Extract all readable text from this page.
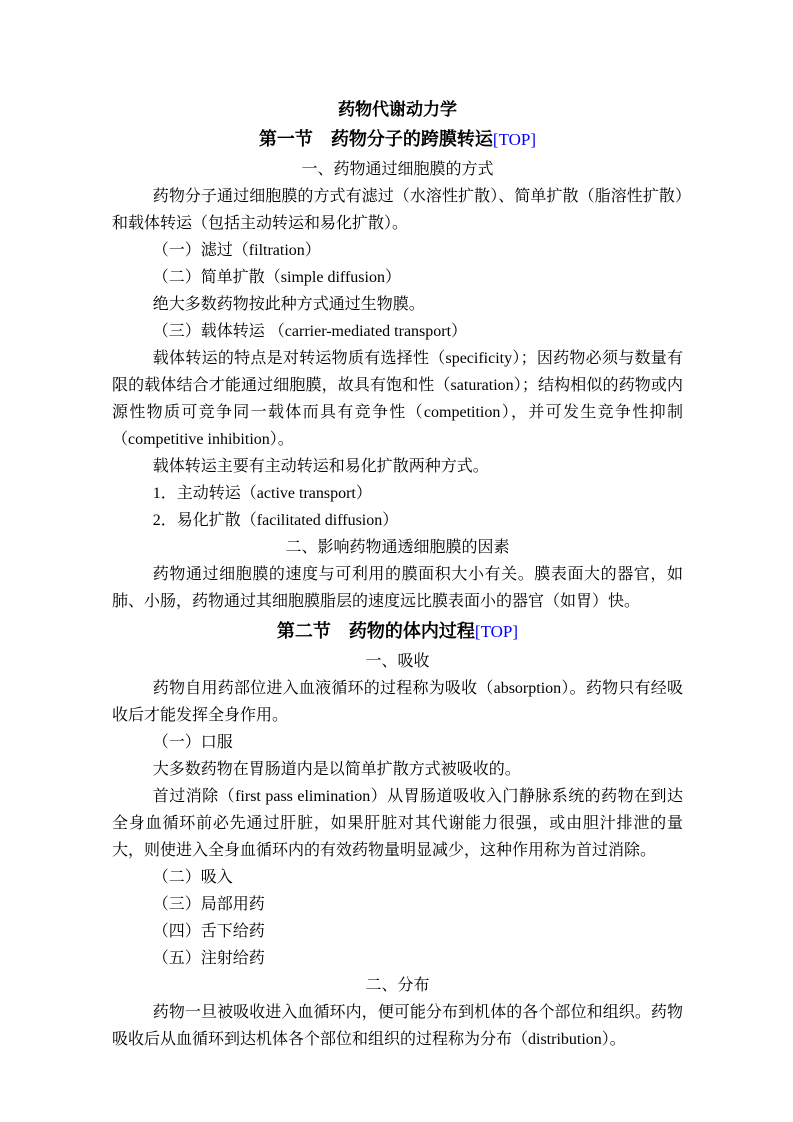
药物代谢动力学
第一节　药物分子的跨膜转运[TOP]
一、药物通过细胞膜的方式

药物分子通过细胞膜的方式有滤过（水溶性扩散）、简单扩散（脂溶性扩散）和载体转运（包括主动转运和易化扩散）。

（一）滤过（filtration）

（二）简单扩散（simple diffusion）

绝大多数药物按此种方式通过生物膜。

（三）载体转运 （carrier-mediated transport）

载体转运的特点是对转运物质有选择性（specificity）；因药物必须与数量有限的载体结合才能通过细胞膜，故具有饱和性（saturation）；结构相似的药物或内源性物质可竞争同一载体而具有竞争性（competition），并可发生竞争性抑制（competitive inhibition）。

载体转运主要有主动转运和易化扩散两种方式。

1．主动转运（active transport）

2．易化扩散（facilitated diffusion）

二、影响药物通透细胞膜的因素

药物通过细胞膜的速度与可利用的膜面积大小有关。膜表面大的器官，如肺、小肠，药物通过其细胞膜脂层的速度远比膜表面小的器官（如胃）快。

第二节　药物的体内过程[TOP]
一、吸收

药物自用药部位进入血液循环的过程称为吸收（absorption）。药物只有经吸收后才能发挥全身作用。

（一）口服

大多数药物在胃肠道内是以简单扩散方式被吸收的。

首过消除（first pass elimination）从胃肠道吸收入门静脉系统的药物在到达全身血循环前必先通过肝脏，如果肝脏对其代谢能力很强，或由胆汁排泄的量大，则使进入全身血循环内的有效药物量明显减少，这种作用称为首过消除。

（二）吸入

（三）局部用药

（四）舌下给药

（五）注射给药

二、分布

药物一旦被吸收进入血循环内，便可能分布到机体的各个部位和组织。药物吸收后从血循环到达机体各个部位和组织的过程称为分布（distribution）。
